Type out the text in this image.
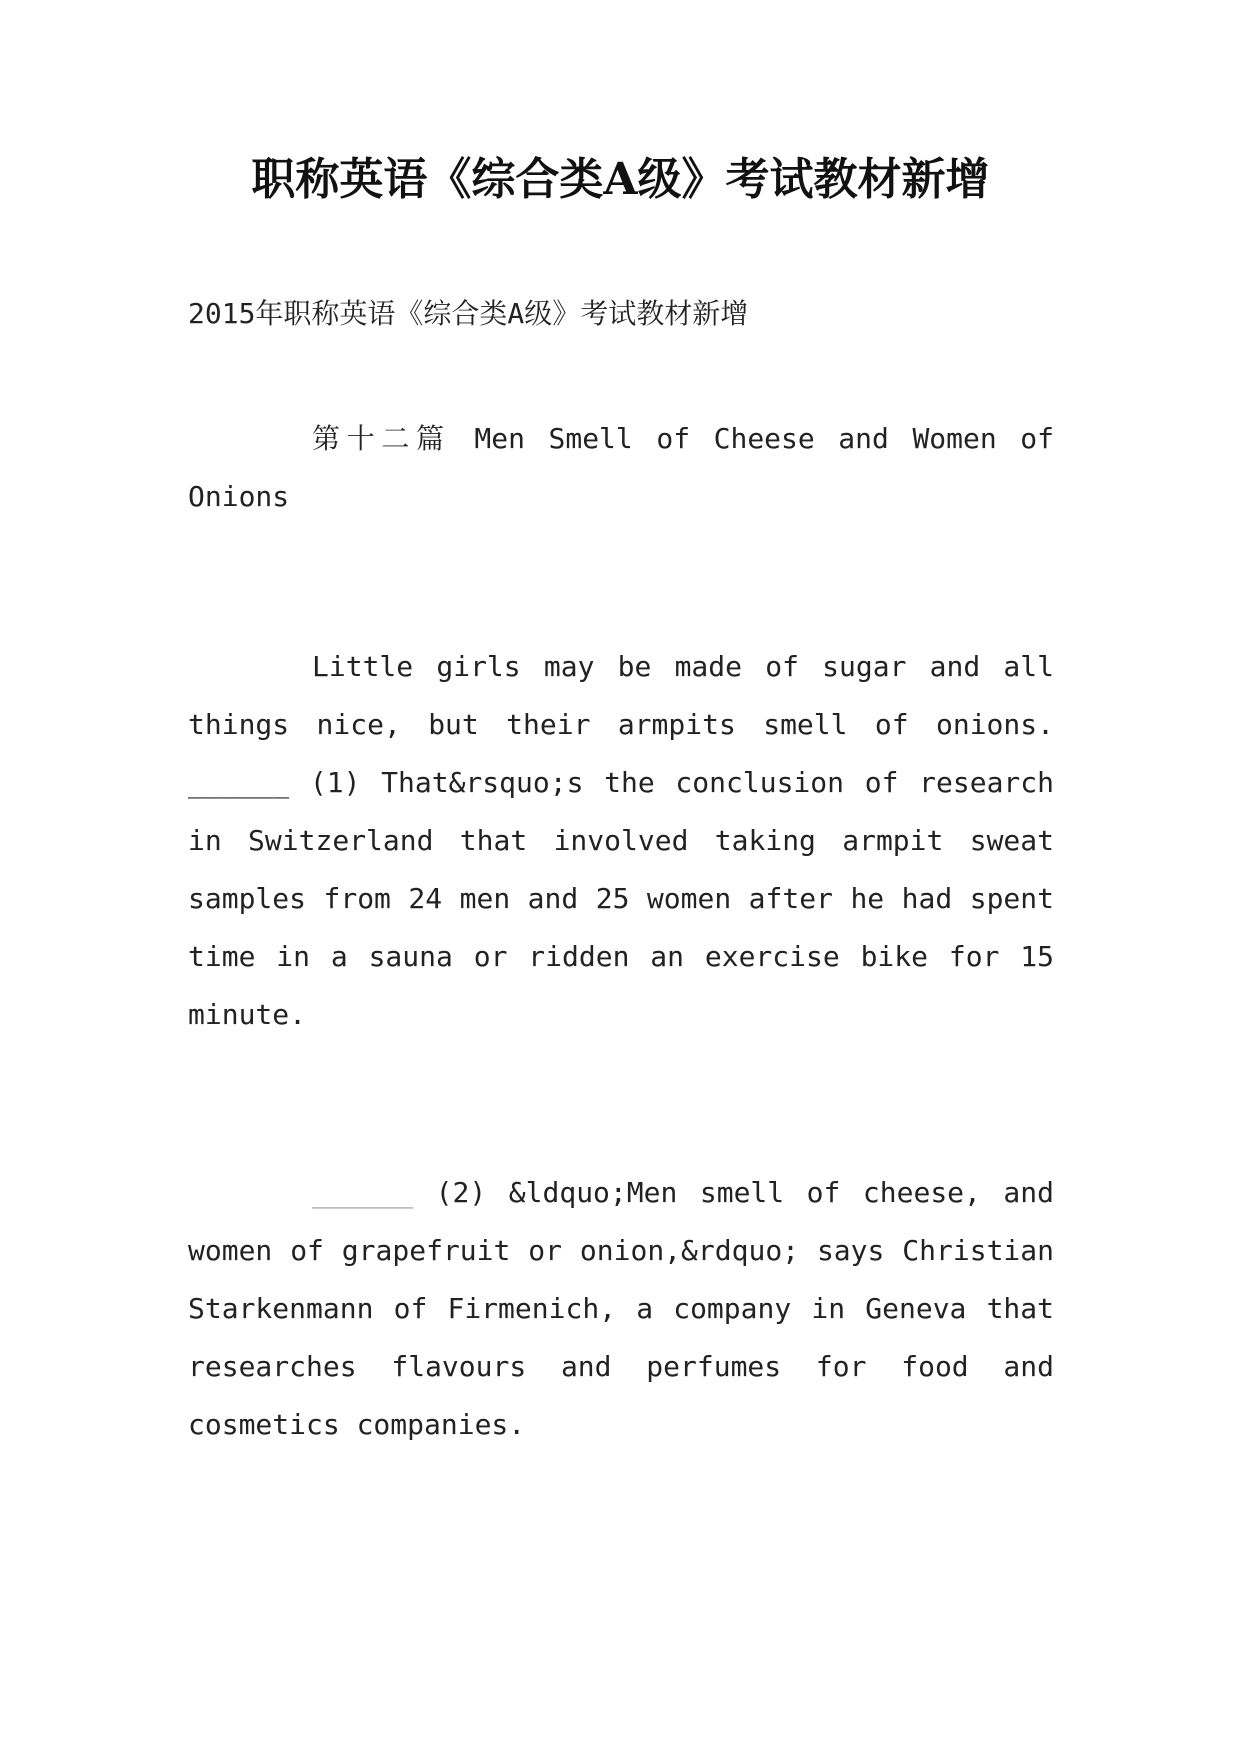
职称英语《综合类A级》考试教材新增

2015年职称英语《综合类A级》考试教材新增

第十二篇 Men Smell of Cheese and Women of Onions

Little girls may be made of sugar and all things nice, but their armpits smell of onions. ______ (1) That&rsquo;s the conclusion of research in Switzerland that involved taking armpit sweat samples from 24 men and 25 women after he had spent time in a sauna or ridden an exercise bike for 15 minute.

______ (2) &ldquo;Men smell of cheese, and women of grapefruit or onion,&rdquo; says Christian Starkenmann of Firmenich, a company in Geneva that researches flavours and perfumes for food and cosmetics companies.
